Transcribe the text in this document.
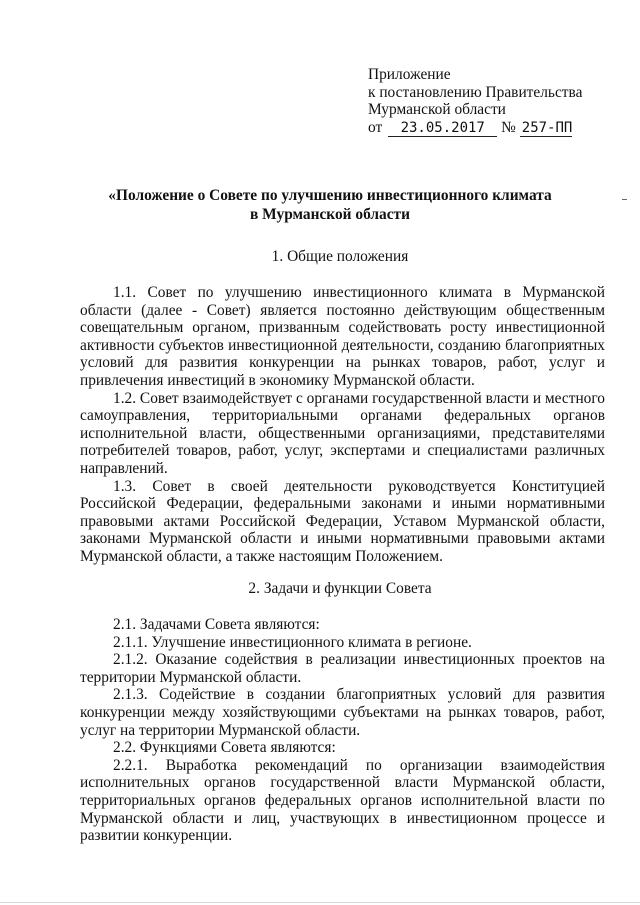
Приложение
к постановлению Правительства
Мурманской области
от 23.05.2017 № 257-ПП
«Положение о Совете по улучшению инвестиционного климата
в Мурманской области
1. Общие положения

1.1. Совет по улучшению инвестиционного климата в Мурманской области (далее - Совет) является постоянно действующим общественным совещательным органом, призванным содействовать росту инвестиционной активности субъектов инвестиционной деятельности, созданию благоприятных условий для развития конкуренции на рынках товаров, работ, услуг и привлечения инвестиций в экономику Мурманской области.

1.2. Совет взаимодействует с органами государственной власти и местного самоуправления, территориальными органами федеральных органов исполнительной власти, общественными организациями, представителями потребителей товаров, работ, услуг, экспертами и специалистами различных направлений.

1.3. Совет в своей деятельности руководствуется Конституцией Российской Федерации, федеральными законами и иными нормативными правовыми актами Российской Федерации, Уставом Мурманской области, законами Мурманской области и иными нормативными правовыми актами Мурманской области, а также настоящим Положением.

2. Задачи и функции Совета

2.1. Задачами Совета являются:

2.1.1. Улучшение инвестиционного климата в регионе.

2.1.2. Оказание содействия в реализации инвестиционных проектов на территории Мурманской области.

2.1.3. Содействие в создании благоприятных условий для развития конкуренции между хозяйствующими субъектами на рынках товаров, работ, услуг на территории Мурманской области.

2.2. Функциями Совета являются:

2.2.1. Выработка рекомендаций по организации взаимодействия исполнительных органов государственной власти Мурманской области, территориальных органов федеральных органов исполнительной власти по Мурманской области и лиц, участвующих в инвестиционном процессе и развитии конкуренции.
